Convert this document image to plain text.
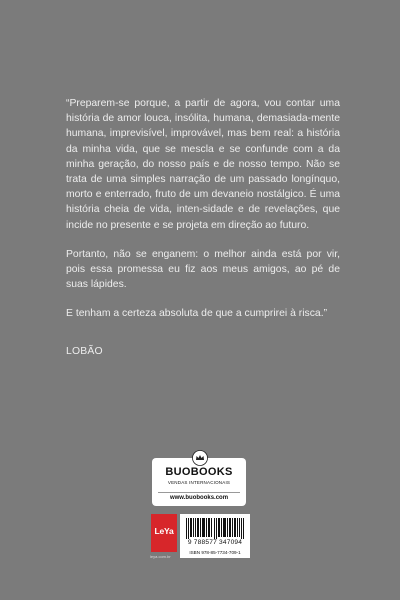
“Preparem-se porque, a partir de agora, vou contar uma história de amor louca, insólita, humana, demasiada-mente humana, imprevisível, improvável, mas bem real: a história da minha vida, que se mescla e se confunde com a da minha geração, do nosso país e de nosso tempo. Não se trata de uma simples narração de um passado longínquo, morto e enterrado, fruto de um devaneio nostálgico. É uma história cheia de vida, inten-sidade e de revelações, que incide no presente e se projeta em direção ao futuro.

Portanto, não se enganem: o melhor ainda está por vir, pois essa promessa eu fiz aos meus amigos, ao pé de suas lápides.

E tenham a certeza absoluta de que a cumprirei à risca.”

LOBÃO
BUOBOOKS
VENDAS INTERNACIONAIS
www.buobooks.com
LeYa
leya.com.br
9 788577 347094
ISBN 978-85-7734-709-1
